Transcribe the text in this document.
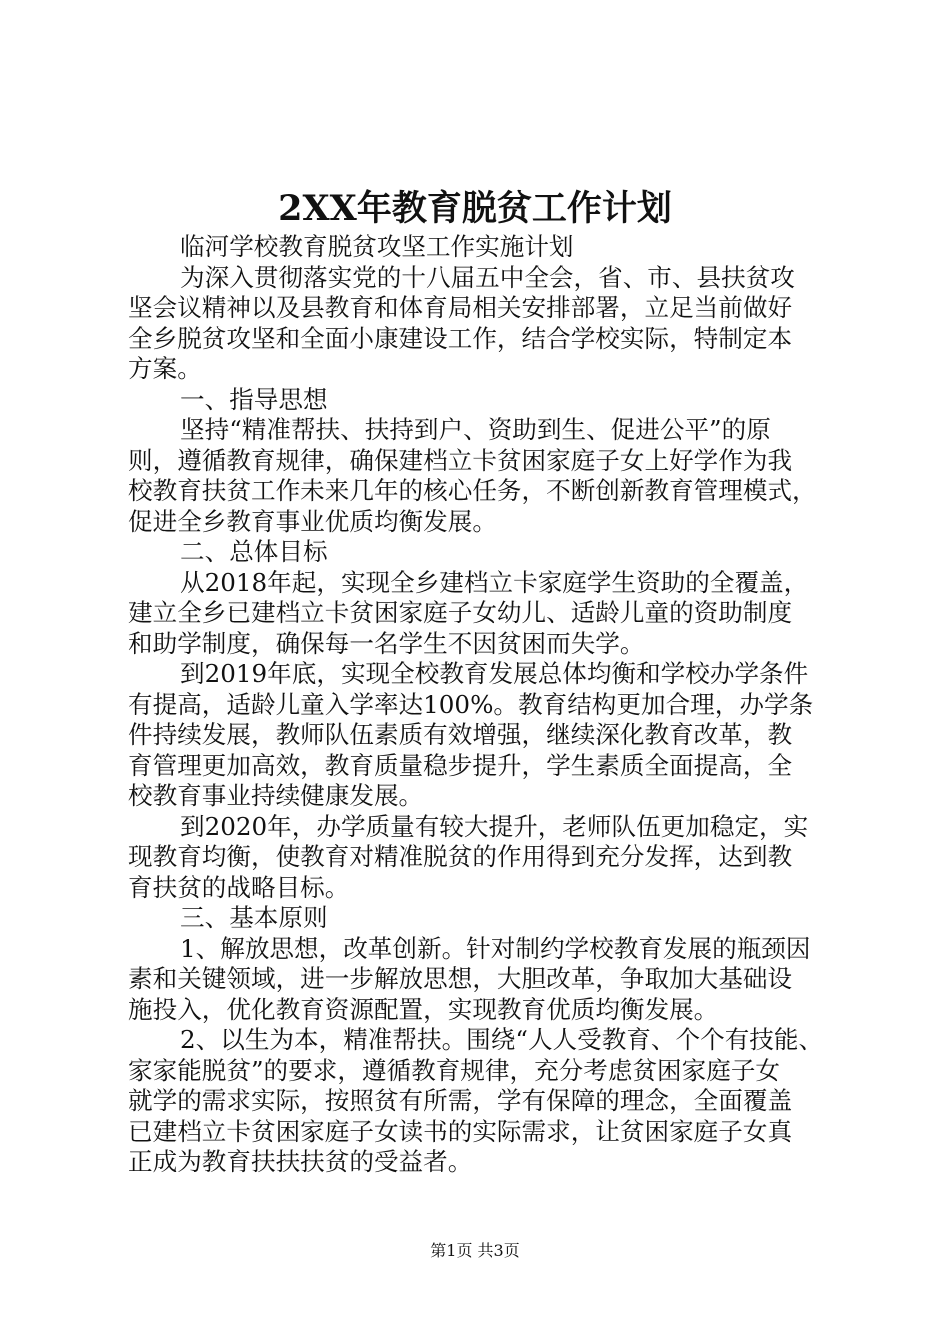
2XX年教育脱贫工作计划
临河学校教育脱贫攻坚工作实施计划
为深入贯彻落实党的十八届五中全会，省、市、县扶贫攻
坚会议精神以及县教育和体育局相关安排部署，立足当前做好
全乡脱贫攻坚和全面小康建设工作，结合学校实际，特制定本
方案。
一、指导思想
坚持“精准帮扶、扶持到户、资助到生、促进公平”的原
则，遵循教育规律，确保建档立卡贫困家庭子女上好学作为我
校教育扶贫工作未来几年的核心任务，不断创新教育管理模式，
促进全乡教育事业优质均衡发展。
二、总体目标
从2018年起，实现全乡建档立卡家庭学生资助的全覆盖，
建立全乡已建档立卡贫困家庭子女幼儿、适龄儿童的资助制度
和助学制度，确保每一名学生不因贫困而失学。
到2019年底，实现全校教育发展总体均衡和学校办学条件
有提高，适龄儿童入学率达100%。教育结构更加合理，办学条
件持续发展，教师队伍素质有效增强，继续深化教育改革，教
育管理更加高效，教育质量稳步提升，学生素质全面提高，全
校教育事业持续健康发展。
到2020年，办学质量有较大提升，老师队伍更加稳定，实
现教育均衡，使教育对精准脱贫的作用得到充分发挥，达到教
育扶贫的战略目标。
三、基本原则
1、解放思想，改革创新。针对制约学校教育发展的瓶颈因
素和关键领域，进一步解放思想，大胆改革，争取加大基础设
施投入，优化教育资源配置，实现教育优质均衡发展。
2、以生为本，精准帮扶。围绕“人人受教育、个个有技能、
家家能脱贫”的要求，遵循教育规律，充分考虑贫困家庭子女
就学的需求实际，按照贫有所需，学有保障的理念，全面覆盖
已建档立卡贫困家庭子女读书的实际需求，让贫困家庭子女真
正成为教育扶扶扶贫的受益者。
第1页 共3页
